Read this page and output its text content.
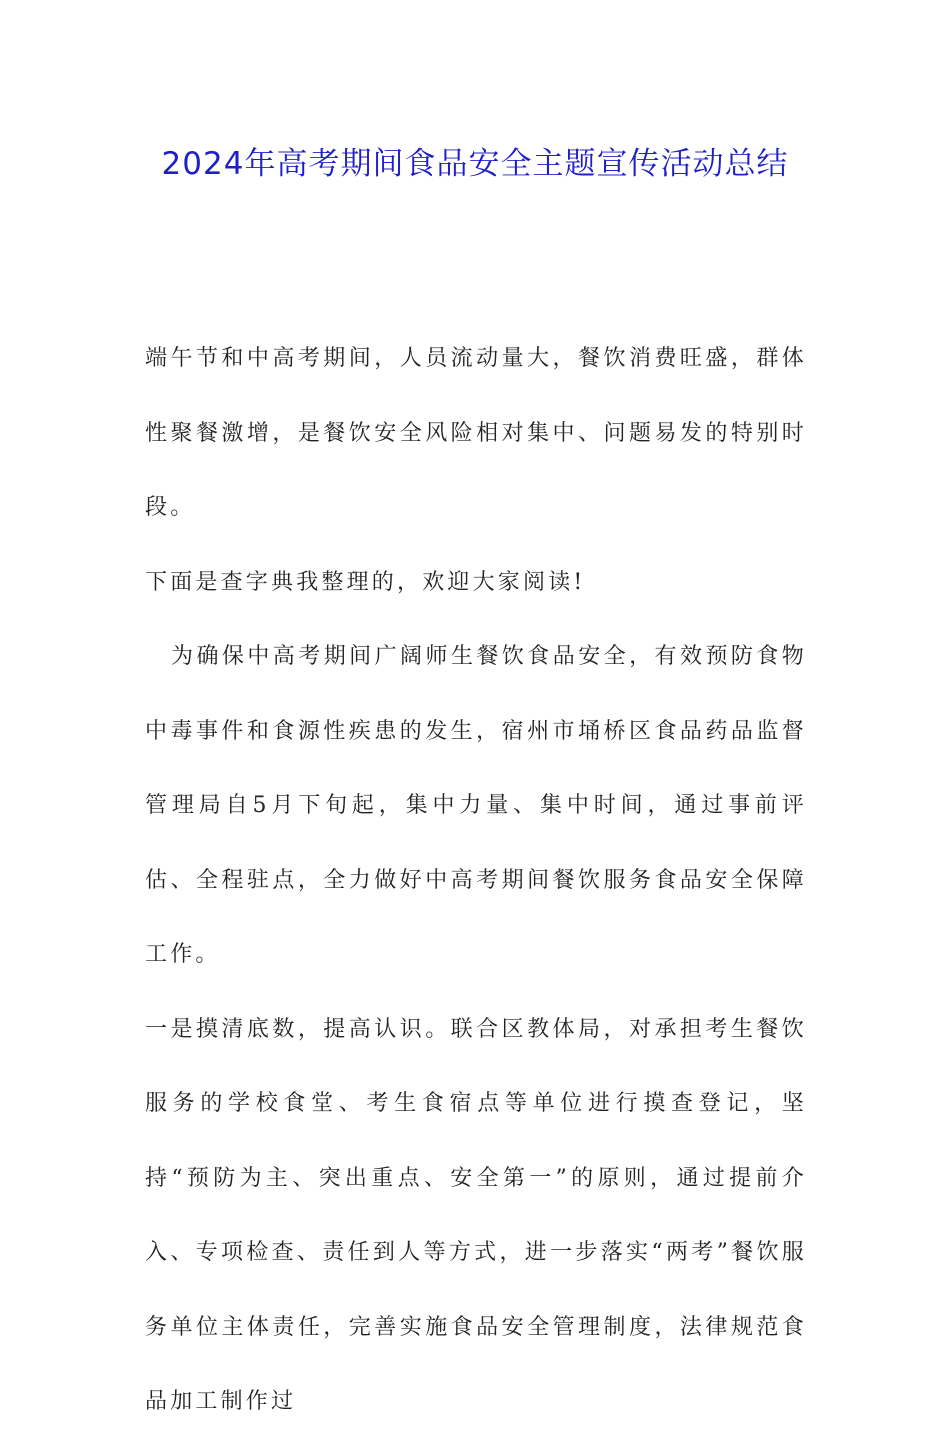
2024年高考期间食品安全主题宣传活动总结

端午节和中高考期间，人员流动量大，餐饮消费旺盛，群体性聚餐激增，是餐饮安全风险相对集中、问题易发的特别时段。

下面是查字典我整理的，欢迎大家阅读!

为确保中高考期间广阔师生餐饮食品安全，有效预防食物中毒事件和食源性疾患的发生，宿州市埇桥区食品药品监督管理局自5月下旬起，集中力量、集中时间，通过事前评估、全程驻点，全力做好中高考期间餐饮服务食品安全保障工作。

一是摸清底数，提高认识。联合区教体局，对承担考生餐饮服务的学校食堂、考生食宿点等单位进行摸查登记，坚持“预防为主、突出重点、安全第一”的原则，通过提前介入、专项检查、责任到人等方式，进一步落实“两考”餐饮服务单位主体责任，完善实施食品安全管理制度，法律规范食品加工制作过
